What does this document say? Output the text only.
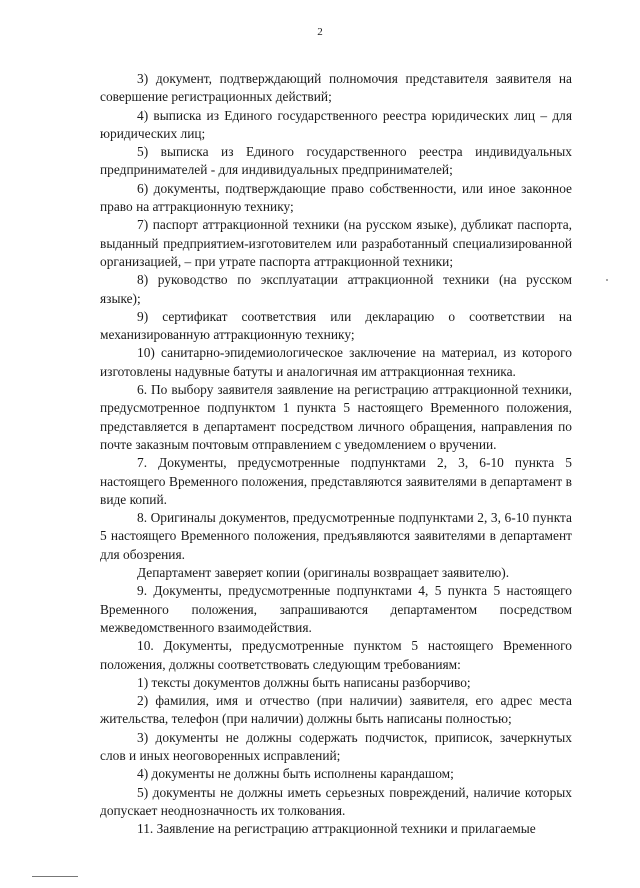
2

3) документ, подтверждающий полномочия представителя заявителя на совершение регистрационных действий;

4) выписка из Единого государственного реестра юридических лиц – для юридических лиц;

5) выписка из Единого государственного реестра индивидуальных предпринимателей - для индивидуальных предпринимателей;

6) документы, подтверждающие право собственности, или иное законное право на аттракционную технику;

7) паспорт аттракционной техники (на русском языке), дубликат паспорта, выданный предприятием-изготовителем или разработанный специализированной организацией, – при утрате паспорта аттракционной техники;

8) руководство по эксплуатации аттракционной техники (на русском языке);

9) сертификат соответствия или декларацию о соответствии на механизированную аттракционную технику;

10) санитарно-эпидемиологическое заключение на материал, из которого изготовлены надувные батуты и аналогичная им аттракционная техника.

6. По выбору заявителя заявление на регистрацию аттракционной техники, предусмотренное подпунктом 1 пункта 5 настоящего Временного положения, представляется в департамент посредством личного обращения, направления по почте заказным почтовым отправлением с уведомлением о вручении.

7. Документы, предусмотренные подпунктами 2, 3, 6-10 пункта 5 настоящего Временного положения, представляются заявителями в департамент в виде копий.

8. Оригиналы документов, предусмотренные подпунктами 2, 3, 6-10 пункта 5 настоящего Временного положения, предъявляются заявителями в департамент для обозрения.

Департамент заверяет копии (оригиналы возвращает заявителю).

9. Документы, предусмотренные подпунктами 4, 5 пункта 5 настоящего Временного положения, запрашиваются департаментом посредством межведомственного взаимодействия.

10. Документы, предусмотренные пунктом 5 настоящего Временного положения, должны соответствовать следующим требованиям:

1) тексты документов должны быть написаны разборчиво;

2) фамилия, имя и отчество (при наличии) заявителя, его адрес места жительства, телефон (при наличии) должны быть написаны полностью;

3) документы не должны содержать подчисток, приписок, зачеркнутых слов и иных неоговоренных исправлений;

4) документы не должны быть исполнены карандашом;

5) документы не должны иметь серьезных повреждений, наличие которых допускает неоднозначность их толкования.

11. Заявление на регистрацию аттракционной техники и прилагаемые
